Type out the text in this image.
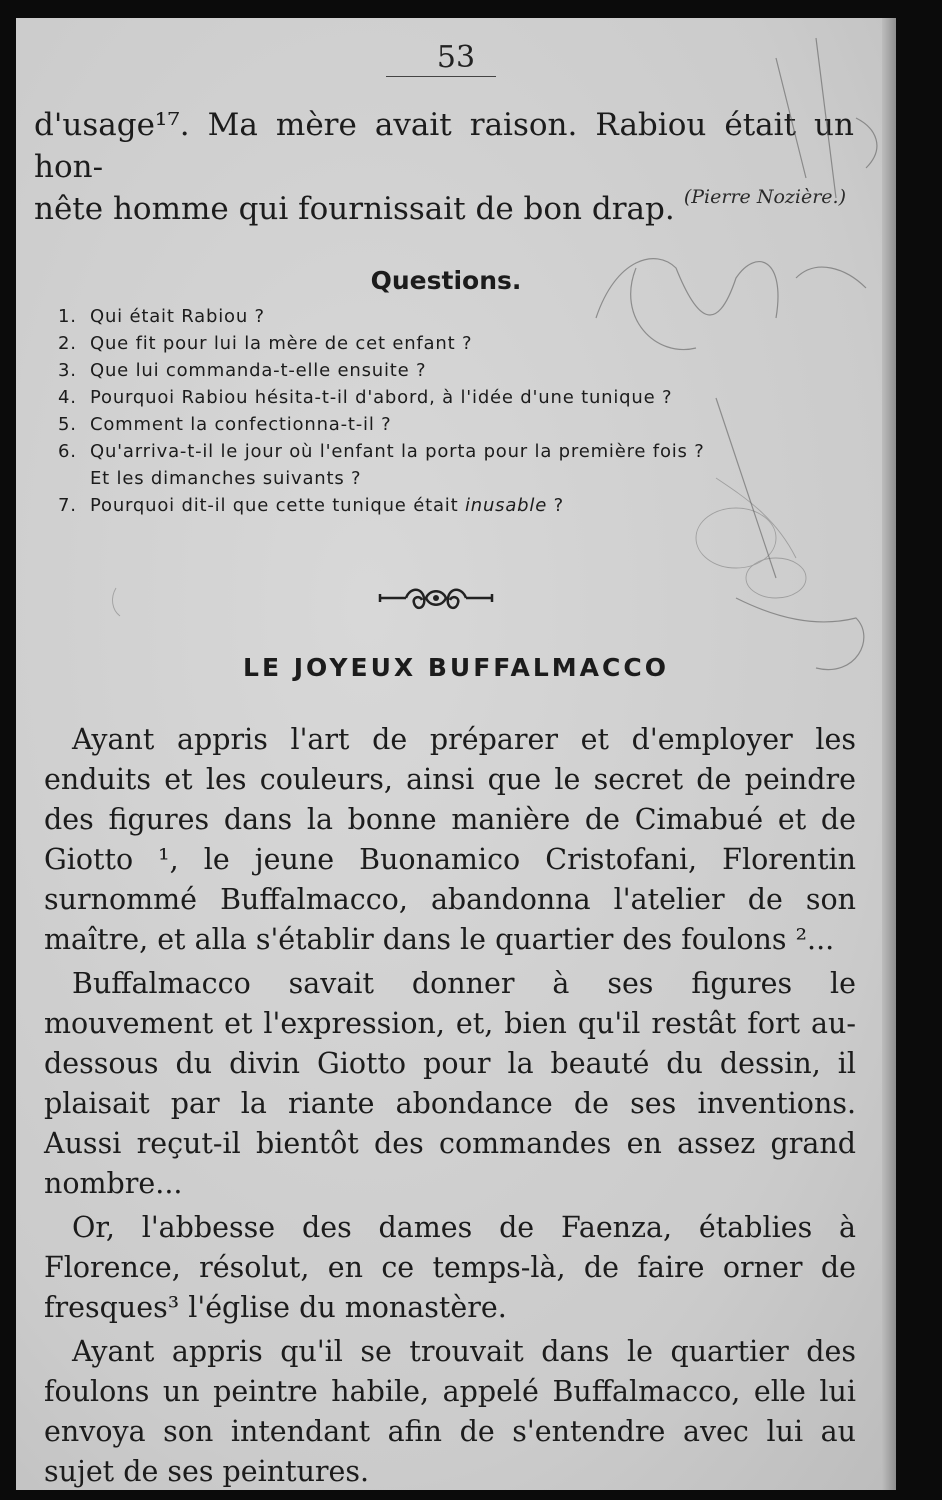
53

d'usage¹⁷. Ma mère avait raison. Rabiou était un hon-

nête homme qui fournissait de bon drap. (Pierre Nozière.)
Questions.
1. Qui était Rabiou ?
2. Que fit pour lui la mère de cet enfant ?
3. Que lui commanda-t-elle ensuite ?
4. Pourquoi Rabiou hésita-t-il d'abord, à l'idée d'une tunique ?
5. Comment la confectionna-t-il ?
6. Qu'arriva-t-il le jour où l'enfant la porta pour la première fois ?
Et les dimanches suivants ?
7. Pourquoi dit-il que cette tunique était inusable ?
LE JOYEUX BUFFALMACCO

Ayant appris l'art de préparer et d'employer les enduits et les couleurs, ainsi que le secret de peindre des figures dans la bonne manière de Cimabué et de Giotto ¹, le jeune Buonamico Cristofani, Florentin surnommé Buffalmacco, abandonna l'atelier de son maître, et alla s'établir dans le quartier des foulons ²...

Buffalmacco savait donner à ses figures le mouvement et l'expression, et, bien qu'il restât fort au-dessous du divin Giotto pour la beauté du dessin, il plaisait par la riante abondance de ses inventions. Aussi reçut-il bientôt des commandes en assez grand nombre...

Or, l'abbesse des dames de Faenza, établies à Florence, résolut, en ce temps-là, de faire orner de fresques³ l'église du monastère.

Ayant appris qu'il se trouvait dans le quartier des foulons un peintre habile, appelé Buffalmacco, elle lui envoya son intendant afin de s'entendre avec lui au sujet de ses peintures.
